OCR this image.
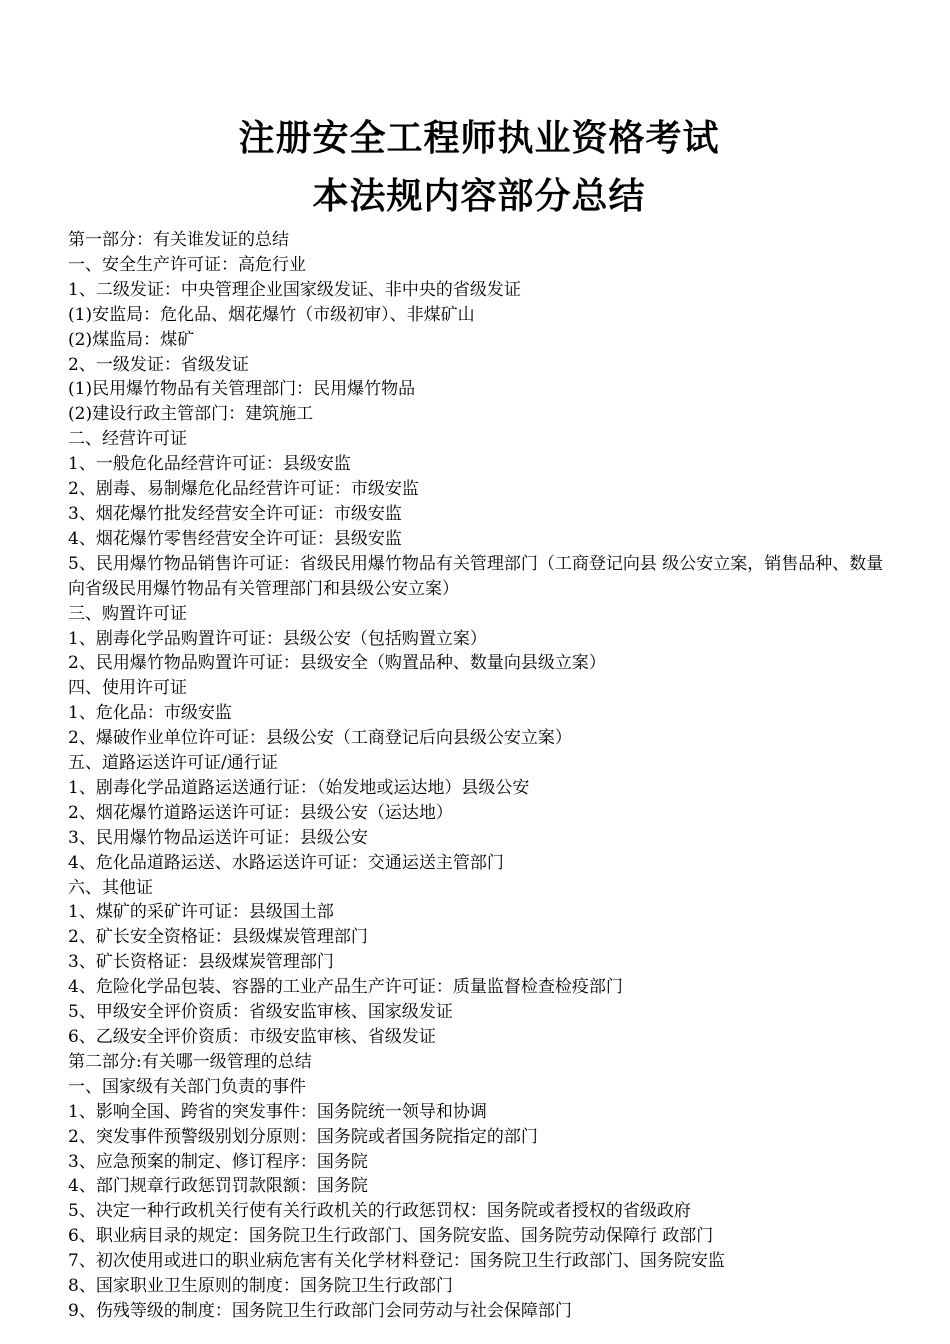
注册安全工程师执业资格考试
本法规内容部分总结
第一部分：有关谁发证的总结
一、安全生产许可证：高危行业
1、二级发证：中央管理企业国家级发证、非中央的省级发证
(1)安监局：危化品、烟花爆竹（市级初审）、非煤矿山
(2)煤监局：煤矿
2、一级发证：省级发证
(1)民用爆竹物品有关管理部门：民用爆竹物品
(2)建设行政主管部门：建筑施工
二、经营许可证
1、一般危化品经营许可证：县级安监
2、剧毒、易制爆危化品经营许可证：市级安监
3、烟花爆竹批发经营安全许可证：市级安监
4、烟花爆竹零售经营安全许可证：县级安监
5、民用爆竹物品销售许可证：省级民用爆竹物品有关管理部门（工商登记向县 级公安立案，销售品种、数量向省级民用爆竹物品有关管理部门和县级公安立案）
三、购置许可证
1、剧毒化学品购置许可证：县级公安（包括购置立案）
2、民用爆竹物品购置许可证：县级安全（购置品种、数量向县级立案）
四、使用许可证
1、危化品：市级安监
2、爆破作业单位许可证：县级公安（工商登记后向县级公安立案）
五、道路运送许可证/通行证
1、剧毒化学品道路运送通行证：（始发地或运达地）县级公安
2、烟花爆竹道路运送许可证：县级公安（运达地）
3、民用爆竹物品运送许可证：县级公安
4、危化品道路运送、水路运送许可证：交通运送主管部门
六、其他证
1、煤矿的采矿许可证：县级国土部
2、矿长安全资格证：县级煤炭管理部门
3、矿长资格证：县级煤炭管理部门
4、危险化学品包装、容器的工业产品生产许可证：质量监督检查检疫部门
5、甲级安全评价资质：省级安监审核、国家级发证
6、乙级安全评价资质：市级安监审核、省级发证
第二部分:有关哪一级管理的总结
一、国家级有关部门负责的事件
1、影响全国、跨省的突发事件：国务院统一领导和协调
2、突发事件预警级别划分原则：国务院或者国务院指定的部门
3、应急预案的制定、修订程序：国务院
4、部门规章行政惩罚罚款限额：国务院
5、决定一种行政机关行使有关行政机关的行政惩罚权：国务院或者授权的省级政府
6、职业病目录的规定：国务院卫生行政部门、国务院安监、国务院劳动保障行 政部门
7、初次使用或进口的职业病危害有关化学材料登记：国务院卫生行政部门、国务院安监
8、国家职业卫生原则的制度：国务院卫生行政部门
9、伤残等级的制度：国务院卫生行政部门会同劳动与社会保障部门
